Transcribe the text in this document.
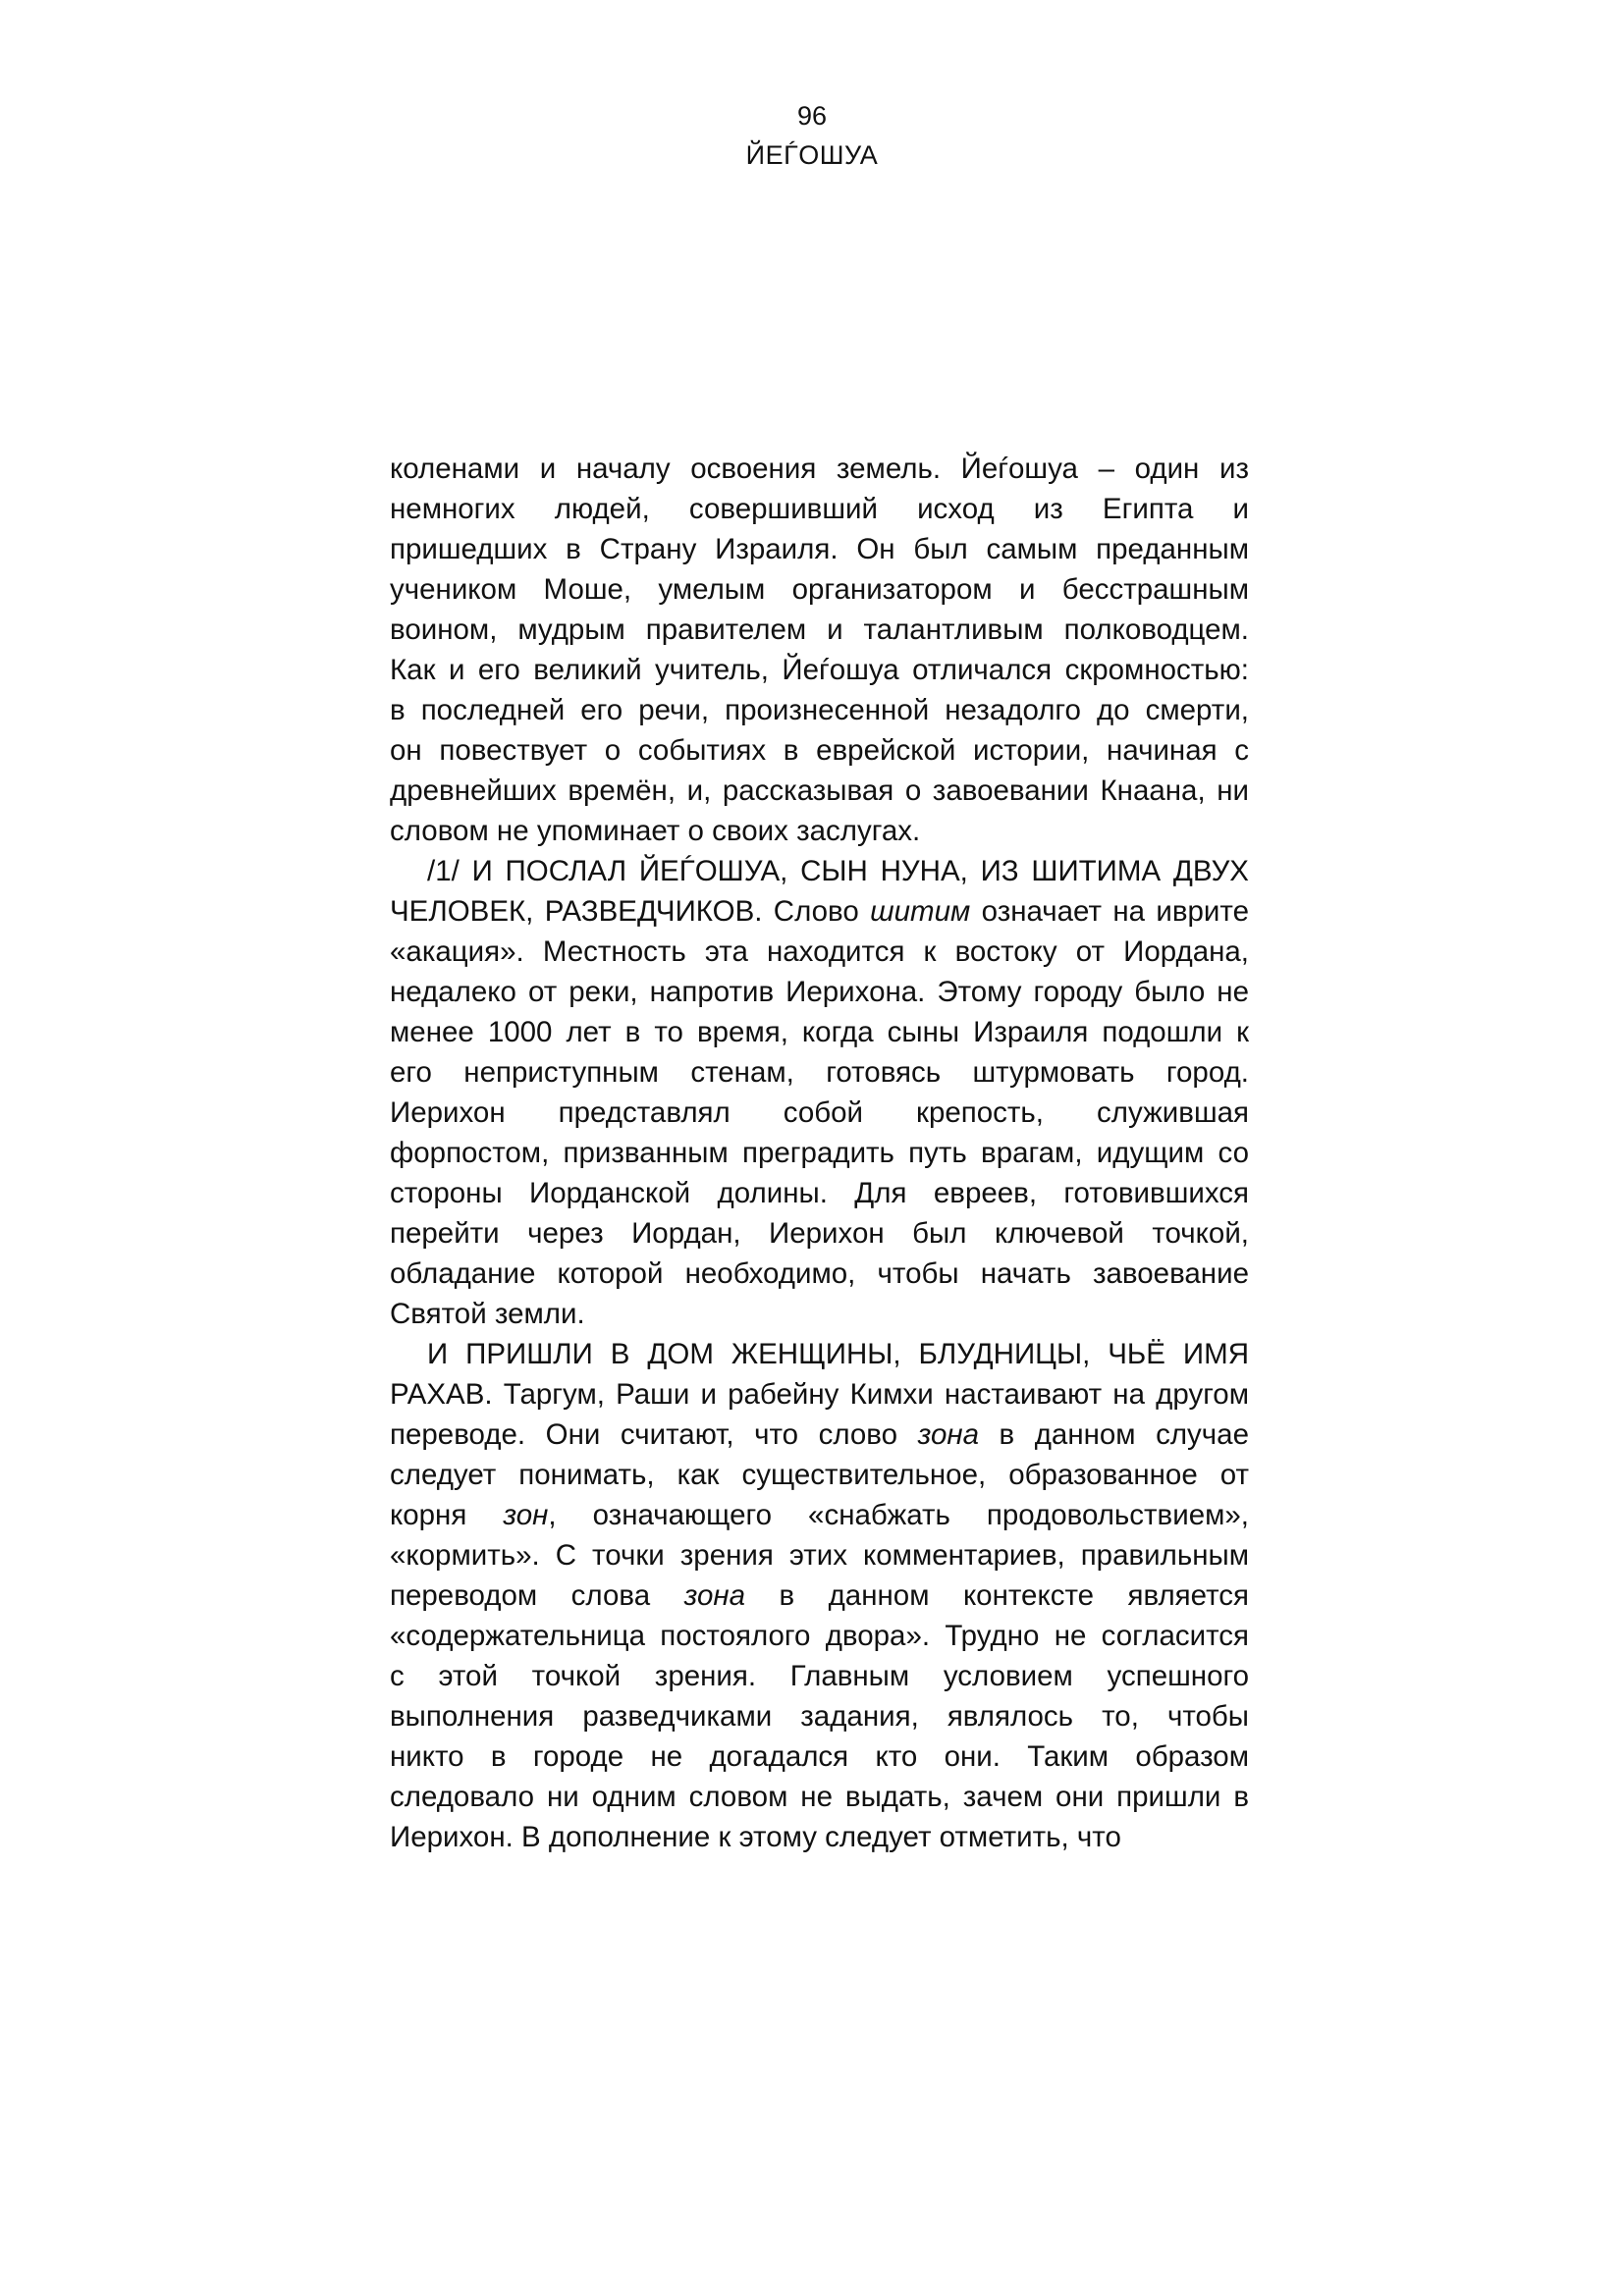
96
ЙЕЃОШУА
коленами и началу освоения земель. Йеѓошуа – один из
немногих людей, совершивший исход из Египта и
пришедших в Страну Израиля. Он был самым преданным
учеником Моше, умелым организатором и бесстрашным
воином, мудрым правителем и талантливым полководцем.
Как и его великий учитель, Йеѓошуа отличался скромностью:
в последней его речи, произнесенной незадолго до смерти,
он повествует о событиях в еврейской истории, начиная с
древнейших времён, и, рассказывая о завоевании Кнаана, ни
словом не упоминает о своих заслугах.
/1/ И ПОСЛАЛ ЙЕЃОШУА, СЫН НУНА, ИЗ ШИТИМА ДВУХ
ЧЕЛОВЕК, РАЗВЕДЧИКОВ. Слово шитим означает на иврите
«акация». Местность эта находится к востоку от Иордана,
недалеко от реки, напротив Иерихона. Этому городу было не
менее 1000 лет в то время, когда сыны Израиля подошли к
его неприступным стенам, готовясь штурмовать город.
Иерихон представлял собой крепость, служившая
форпостом, призванным преградить путь врагам, идущим со
стороны Иорданской долины. Для евреев, готовившихся
перейти через Иордан, Иерихон был ключевой точкой,
обладание которой необходимо, чтобы начать завоевание
Святой земли.
И ПРИШЛИ В ДОМ ЖЕНЩИНЫ, БЛУДНИЦЫ, ЧЬЁ ИМЯ
РАХАВ. Таргум, Раши и рабейну Кимхи настаивают на другом
переводе. Они считают, что слово зона в данном случае
следует понимать, как существительное, образованное от
корня зон, означающего «снабжать продовольствием»,
«кормить». С точки зрения этих комментариев, правильным
переводом слова зона в данном контексте является
«содержательница постоялого двора». Трудно не согласится
с этой точкой зрения. Главным условием успешного
выполнения разведчиками задания, являлось то, чтобы
никто в городе не догадался кто они. Таким образом
следовало ни одним словом не выдать, зачем они пришли в
Иерихон. В дополнение к этому следует отметить, что
